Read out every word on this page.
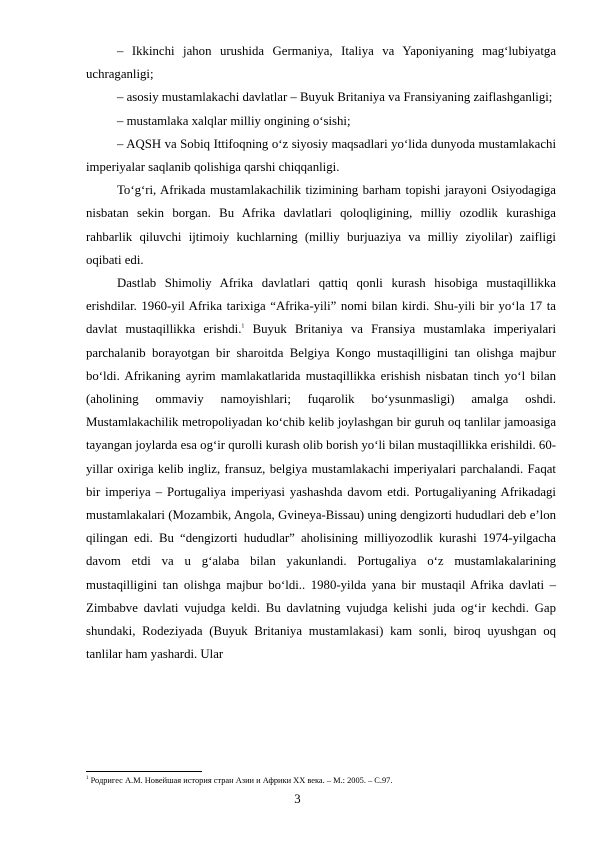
– Ikkinchi jahon urushida Germaniya, Italiya va Yaponiyaning mag‘lubiyatga uchraganligi;

– asosiy mustamlakachi davlatlar – Buyuk Britaniya va Fransiyaning zaiflashganligi;

– mustamlaka xalqlar milliy ongining o‘sishi;

– AQSH va Sobiq Ittifoqning o‘z siyosiy maqsadlari yo‘lida dunyoda mustamlakachi imperiyalar saqlanib qolishiga qarshi chiqqanligi.

To‘g‘ri, Afrikada mustamlakachilik tizimining barham topishi jarayoni Osiyodagiga nisbatan sekin borgan. Bu Afrika davlatlari qoloqligining, milliy ozodlik kurashiga rahbarlik qiluvchi ijtimoiy kuchlarning (milliy burjuaziya va milliy ziyolilar) zaifligi oqibati edi.

Dastlab Shimoliy Afrika davlatlari qattiq qonli kurash hisobiga mustaqillikka erishdilar. 1960-yil Afrika tarixiga “Afrika-yili” nomi bilan kirdi. Shu-yili bir yo‘la 17 ta davlat mustaqillikka erishdi.$^1$ Buyuk Britaniya va Fransiya mustamlaka imperiyalari parchalanib borayotgan bir sharoitda Belgiya Kongo mustaqilligini tan olishga majbur bo‘ldi. Afrikaning ayrim mamlakatlarida mustaqillikka erishish nisbatan tinch yo‘l bilan (aholining ommaviy namoyishlari; fuqarolik bo‘ysunmasligi) amalga oshdi. Mustamlakachilik metropoliyadan ko‘chib kelib joylashgan bir guruh oq tanlilar jamoasiga tayangan joylarda esa og‘ir qurolli kurash olib borish yo‘li bilan mustaqillikka erishildi. 60-yillar oxiriga kelib ingliz, fransuz, belgiya mustamlakachi imperiyalari parchalandi. Faqat bir imperiya – Portugaliya imperiyasi yashashda davom etdi. Portugaliyaning Afrikadagi mustamlakalari (Mozambik, Angola, Gvineya-Bissau) uning dengizorti hududlari deb e’lon qilingan edi. Bu “dengizorti hududlar” aholisining milliyozodlik kurashi 1974-yilgacha davom etdi va u g‘alaba bilan yakunlandi. Portugaliya o‘z mustamlakalarining mustaqilligini tan olishga majbur bo‘ldi.. 1980-yilda yana bir mustaqil Afrika davlati – Zimbabve davlati vujudga keldi. Bu davlatning vujudga kelishi juda og‘ir kechdi. Gap shundaki, Rodeziyada (Buyuk Britaniya mustamlakasi) kam sonli, biroq uyushgan oq tanlilar ham yashardi. Ular

$^1$ Родригес А.М. Новейшая история стран Азии и Африки XX века. – М.: 2005. – С.97.
3
